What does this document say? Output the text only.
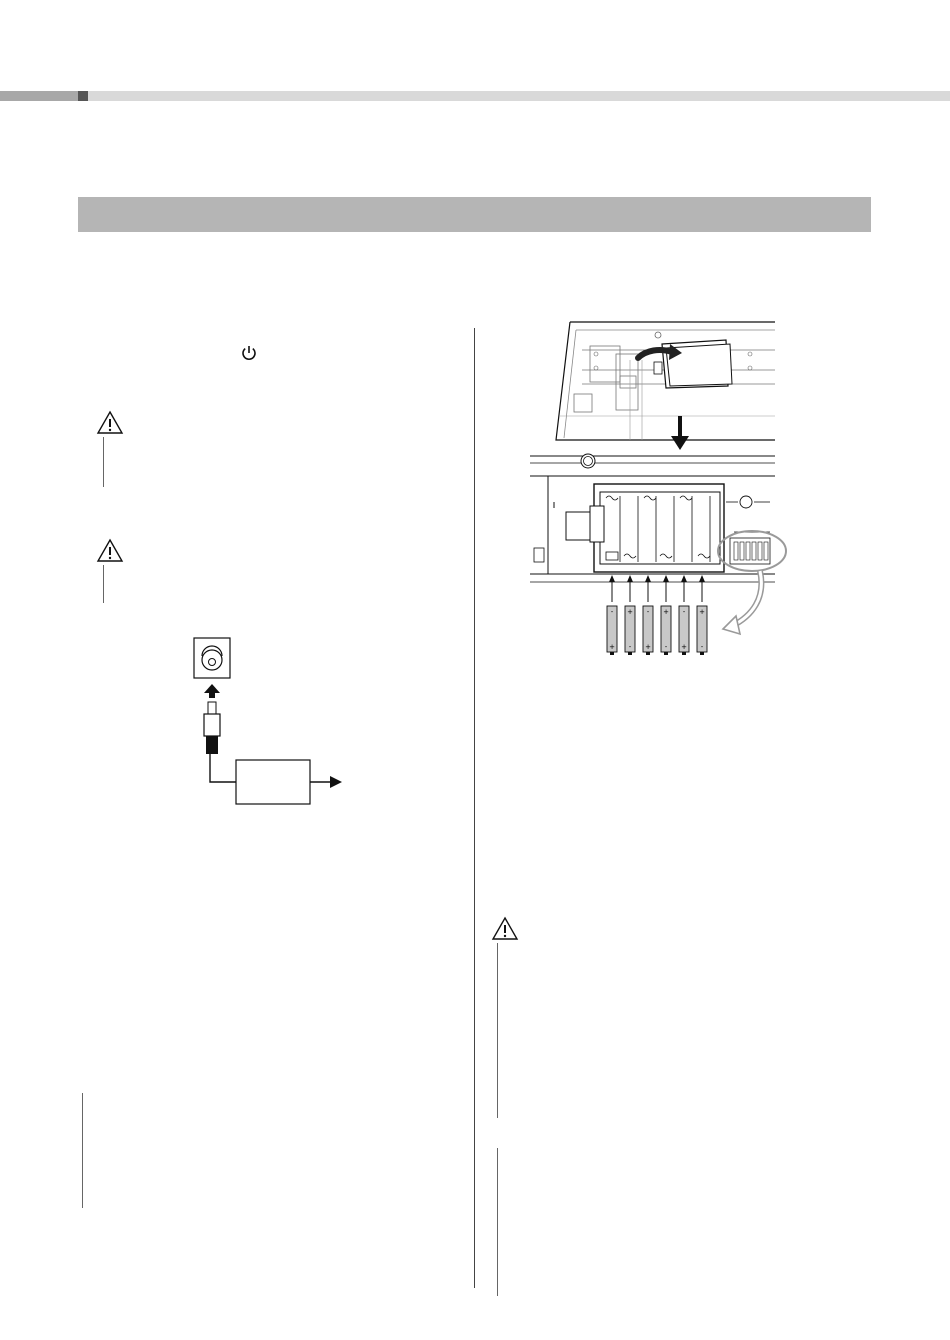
-
+
+
-
-
+
+
-
-
+
+
-
